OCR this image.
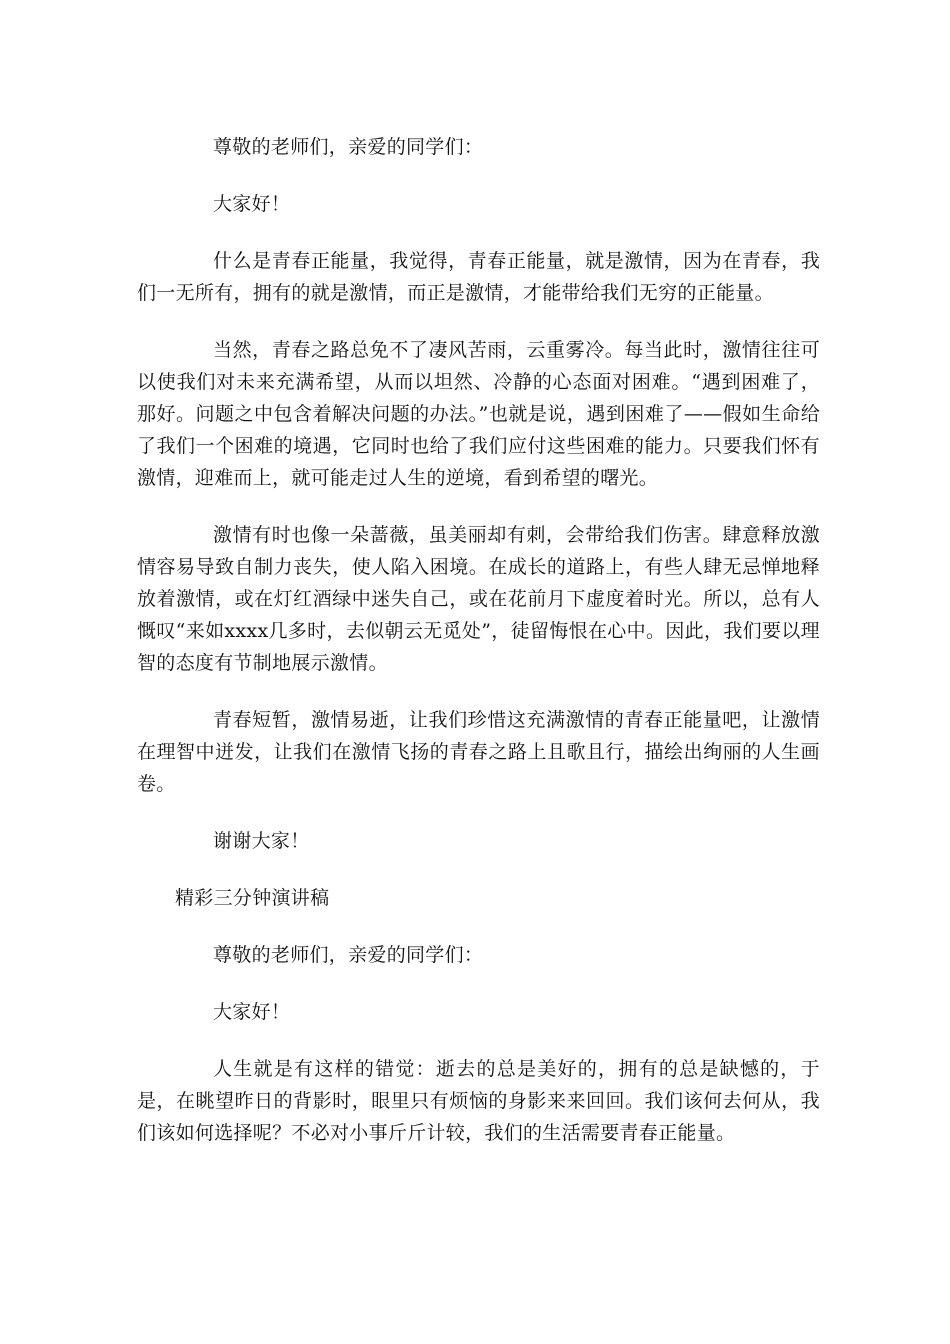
尊敬的老师们，亲爱的同学们：

大家好！

什么是青春正能量，我觉得，青春正能量，就是激情，因为在青春，我们一无所有，拥有的就是激情，而正是激情，才能带给我们无穷的正能量。

当然，青春之路总免不了凄风苦雨，云重雾冷。每当此时，激情往往可以使我们对未来充满希望，从而以坦然、冷静的心态面对困难。“遇到困难了，那好。问题之中包含着解决问题的办法。”也就是说，遇到困难了——假如生命给了我们一个困难的境遇，它同时也给了我们应付这些困难的能力。只要我们怀有激情，迎难而上，就可能走过人生的逆境，看到希望的曙光。

激情有时也像一朵蔷薇，虽美丽却有刺，会带给我们伤害。肆意释放激情容易导致自制力丧失，使人陷入困境。在成长的道路上，有些人肆无忌惮地释放着激情，或在灯红酒绿中迷失自己，或在花前月下虚度着时光。所以，总有人慨叹“来如xxxx几多时，去似朝云无觅处”，徒留悔恨在心中。因此，我们要以理智的态度有节制地展示激情。

青春短暂，激情易逝，让我们珍惜这充满激情的青春正能量吧，让激情在理智中迸发，让我们在激情飞扬的青春之路上且歌且行，描绘出绚丽的人生画卷。

谢谢大家！

精彩三分钟演讲稿

尊敬的老师们，亲爱的同学们：

大家好！

人生就是有这样的错觉：逝去的总是美好的，拥有的总是缺憾的，于是，在眺望昨日的背影时，眼里只有烦恼的身影来来回回。我们该何去何从，我们该如何选择呢？不必对小事斤斤计较，我们的生活需要青春正能量。
